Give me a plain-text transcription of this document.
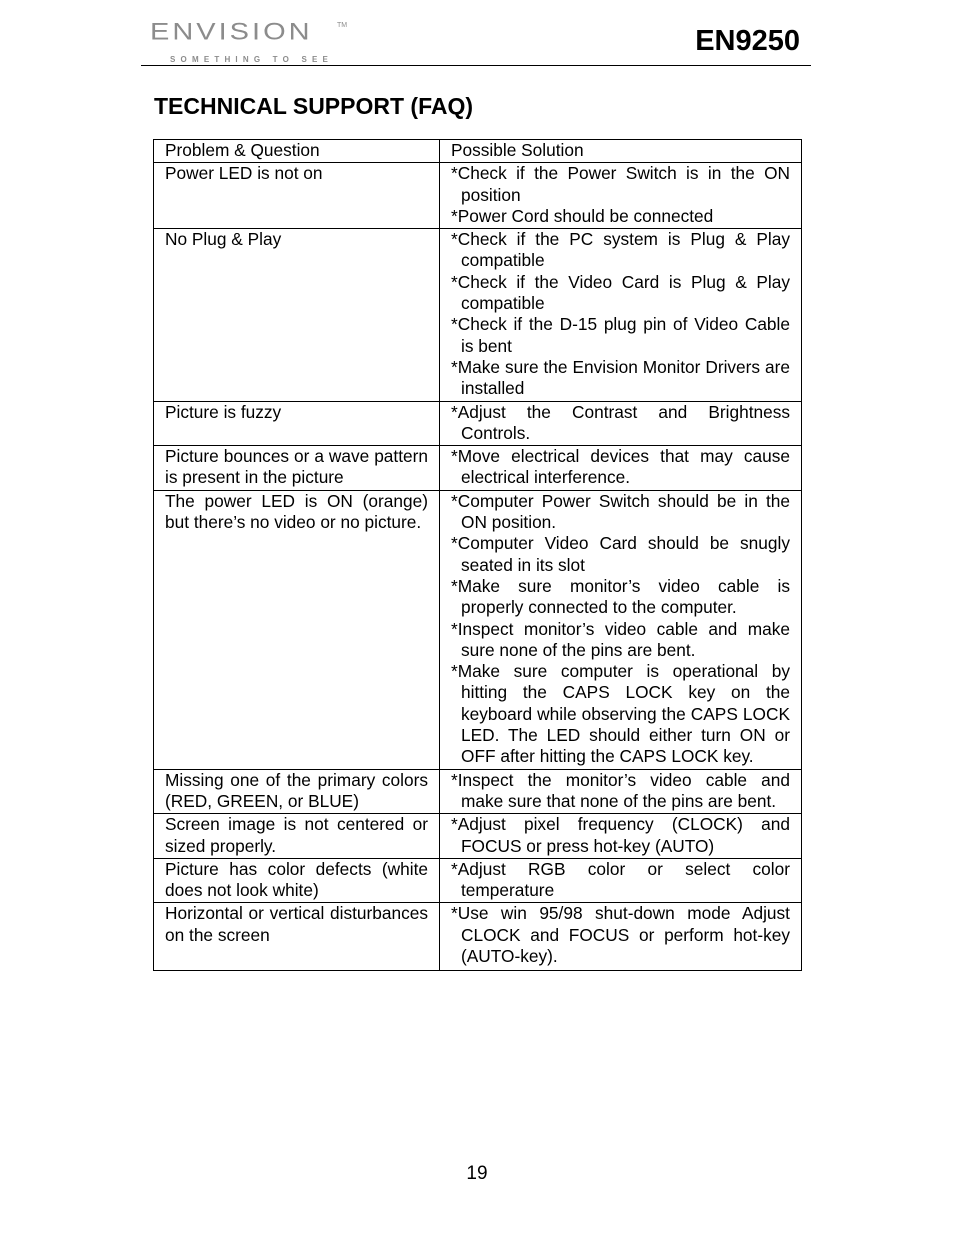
ENVISION	TM
SOMETHING TO SEE
EN9250
TECHNICAL SUPPORT (FAQ)
Problem & Question	Possible Solution
Power LED is not on	*Check if the Power Switch is in the ON position

*Power Cord should be connected

No Plug & Play	*Check if the PC system is Plug & Play compatible

*Check if the Video Card is Plug & Play compatible

*Check if the D-15 plug pin of Video Cable is bent

*Make sure the Envision Monitor Drivers are installed

Picture is fuzzy	*Adjust the Contrast and Brightness Controls.

Picture bounces or a wave pattern is present in the picture	*Move electrical devices that may cause electrical interference.

The power LED is ON (orange) but there’s no video or no picture.	*Computer Power Switch should be in the ON position.

*Computer Video Card should be snugly seated in its slot

*Make sure monitor’s video cable is properly connected to the computer.

*Inspect monitor’s video cable and make sure none of the pins are bent.

*Make sure computer is operational by hitting the CAPS LOCK key on the keyboard while observing the CAPS LOCK LED. The LED should either turn ON or OFF after hitting the CAPS LOCK key.

Missing one of the primary colors (RED, GREEN, or BLUE)	*Inspect the monitor’s video cable and make sure that none of the pins are bent.

Screen image is not centered or sized properly.	*Adjust pixel frequency (CLOCK) and FOCUS or press hot-key (AUTO)

Picture has color defects (white does not look white)	*Adjust RGB color or select color temperature

Horizontal or vertical disturbances on the screen	*Use win 95/98 shut-down mode Adjust CLOCK and FOCUS or perform hot-key (AUTO-key).

19
